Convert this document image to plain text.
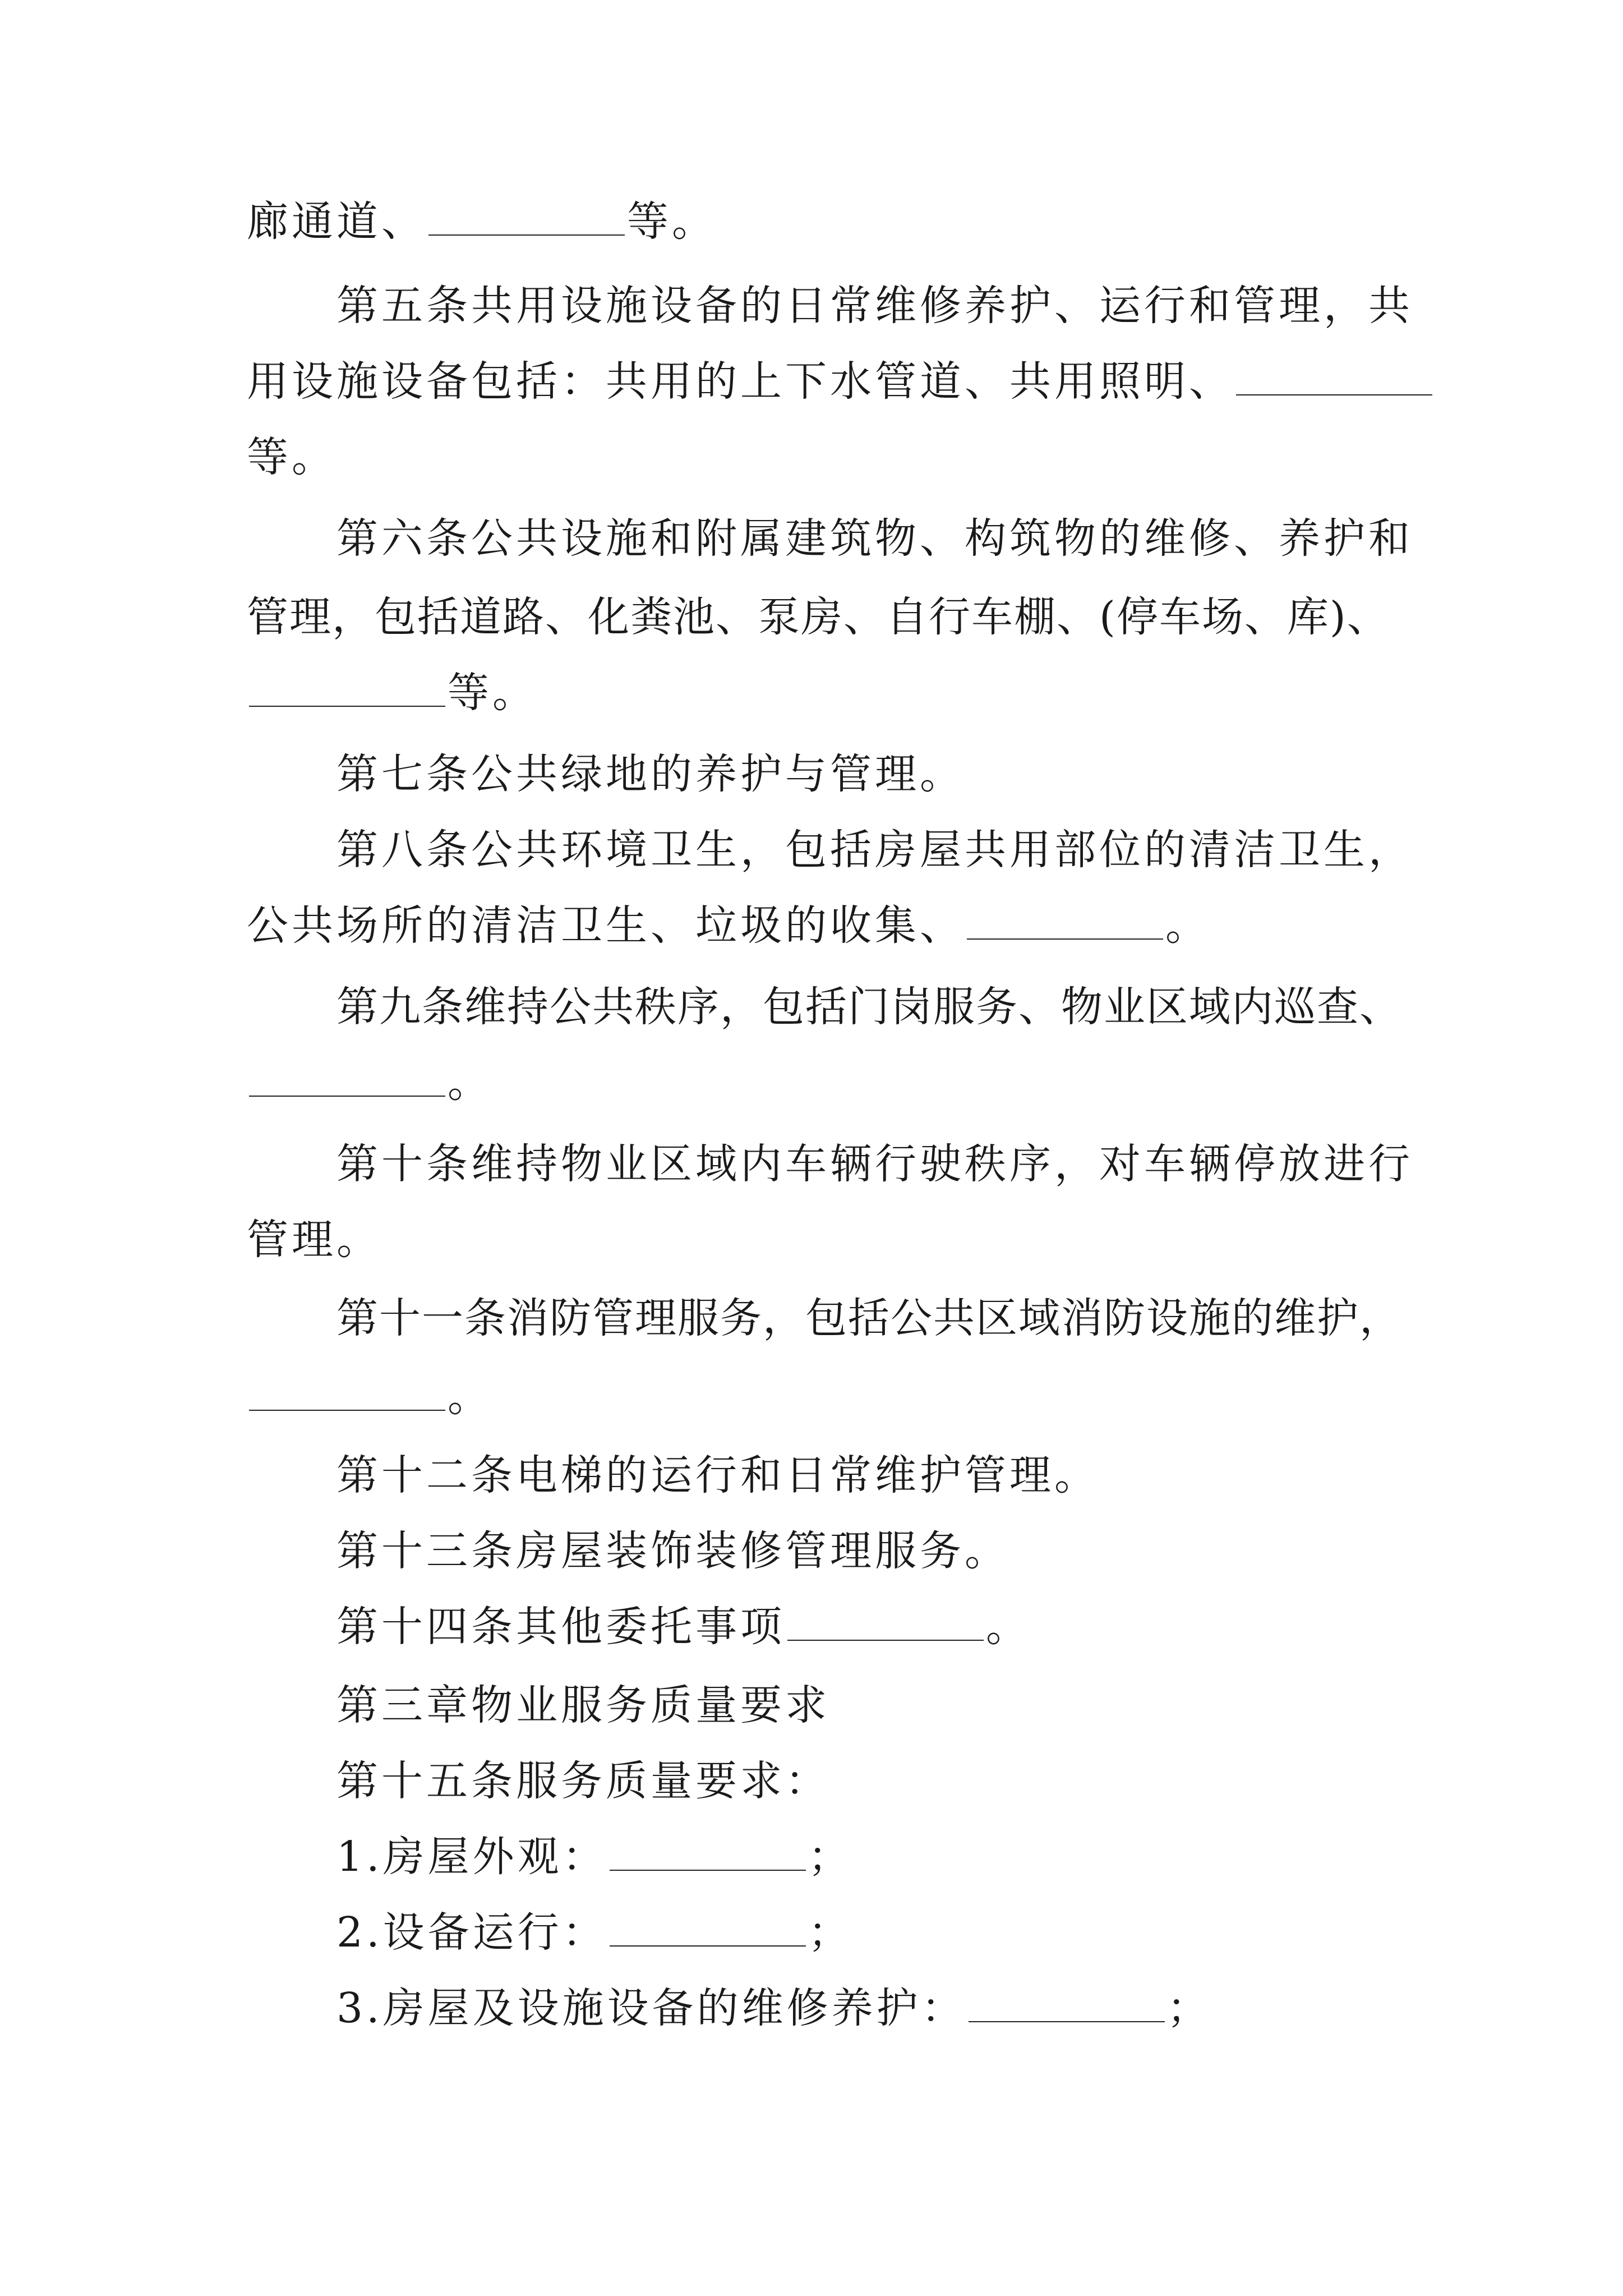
廊通道、	等。
第五条共用设施设备的日常维修养护、运行和管理，共
用设施设备包括：共用的上下水管道、共用照明、
等。
第六条公共设施和附属建筑物、构筑物的维修、养护和
管理，包括道路、化粪池、泵房、自行车棚、(停车场、库)、
等。
第七条公共绿地的养护与管理。
第八条公共环境卫生，包括房屋共用部位的清洁卫生，
公共场所的清洁卫生、垃圾的收集、	。
第九条维持公共秩序，包括门岗服务、物业区域内巡查、
。
第十条维持物业区域内车辆行驶秩序，对车辆停放进行
管理。
第十一条消防管理服务，包括公共区域消防设施的维护，
。
第十二条电梯的运行和日常维护管理。
第十三条房屋装饰装修管理服务。
第十四条其他委托事项	。
第三章物业服务质量要求
第十五条服务质量要求：
1.房屋外观：	；
2.设备运行：	；
3.房屋及设施设备的维修养护：	；
